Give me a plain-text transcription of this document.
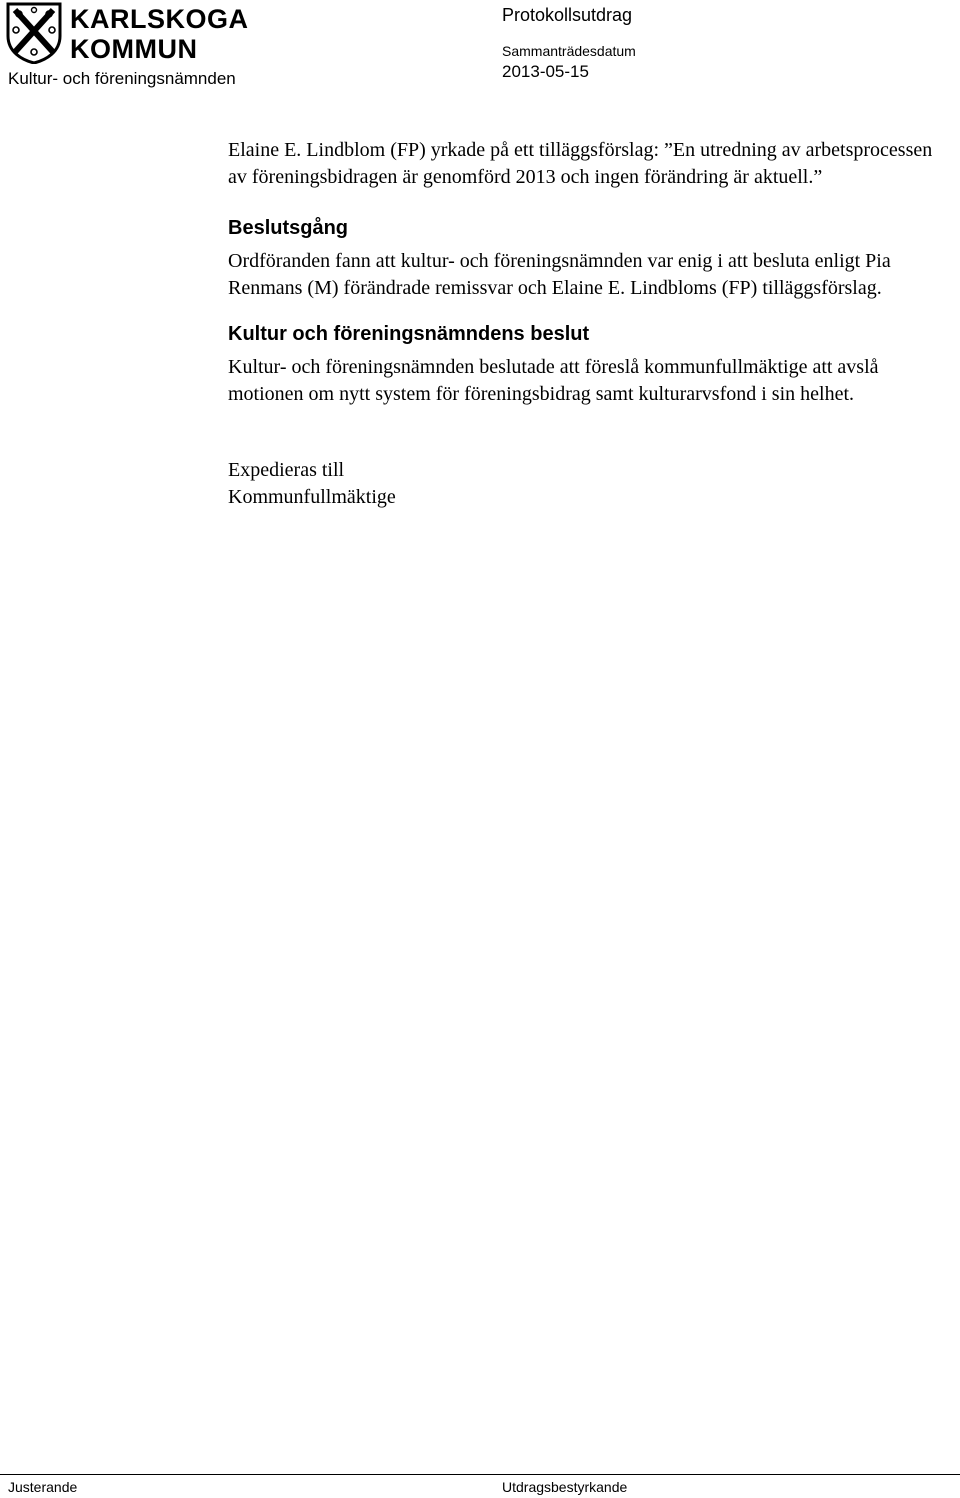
KARLSKOGA
KOMMUN
Kultur- och föreningsnämnden
Protokollsutdrag
Sammanträdesdatum
2013-05-15

Elaine E. Lindblom (FP) yrkade på ett tilläggsförslag: ”En utredning av arbetsprocessen av föreningsbidragen är genomförd 2013 och ingen förändring är aktuell.”

Beslutsgång

Ordföranden fann att kultur- och föreningsnämnden var enig i att besluta enligt Pia Renmans (M) förändrade remissvar och Elaine E. Lindbloms (FP) tilläggsförslag.

Kultur och föreningsnämndens beslut

Kultur- och föreningsnämnden beslutade att föreslå kommunfullmäktige att avslå motionen om nytt system för föreningsbidrag samt kulturarvsfond i sin helhet.

Expedieras till

Kommunfullmäktige

Justerande	Utdragsbestyrkande
